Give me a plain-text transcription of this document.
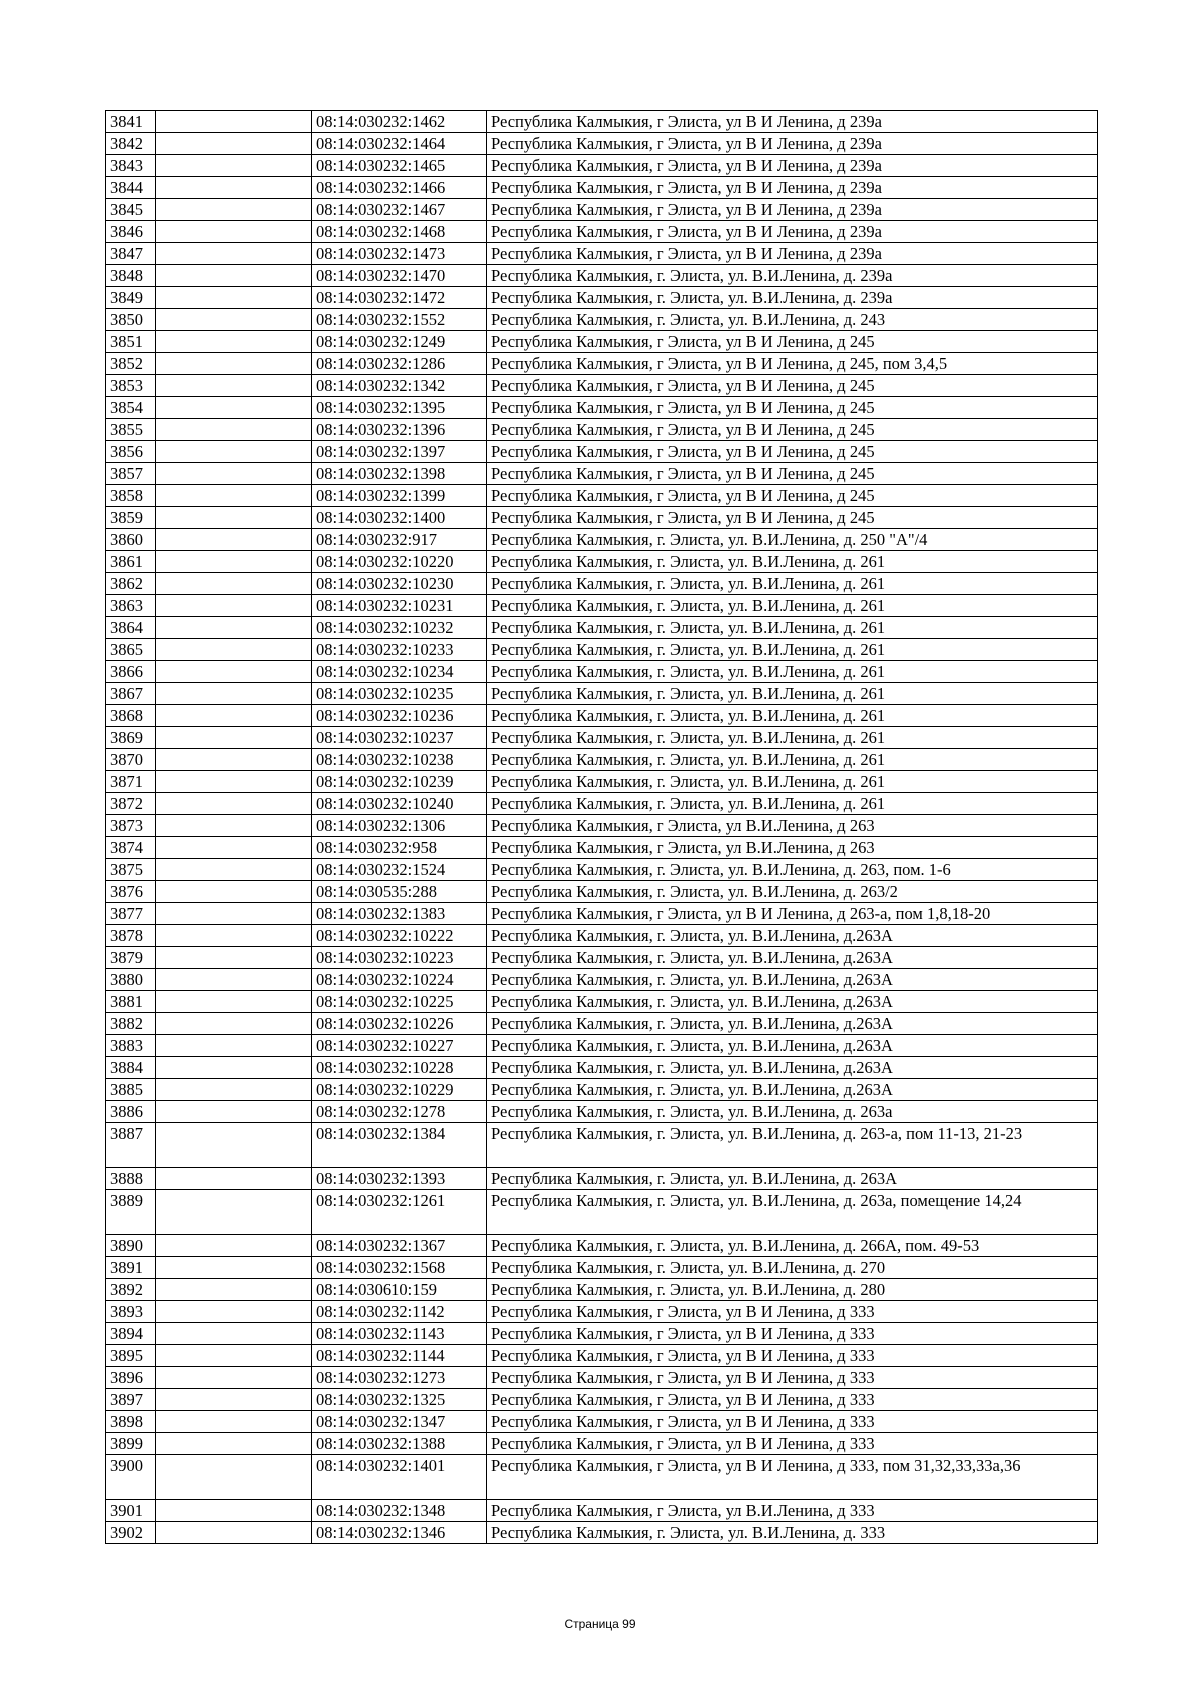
3841		08:14:030232:1462	Республика Калмыкия, г Элиста, ул В И Ленина, д 239а
3842		08:14:030232:1464	Республика Калмыкия, г Элиста, ул В И Ленина, д 239а
3843		08:14:030232:1465	Республика Калмыкия, г Элиста, ул В И Ленина, д 239а
3844		08:14:030232:1466	Республика Калмыкия, г Элиста, ул В И Ленина, д 239а
3845		08:14:030232:1467	Республика Калмыкия, г Элиста, ул В И Ленина, д 239а
3846		08:14:030232:1468	Республика Калмыкия, г Элиста, ул В И Ленина, д 239а
3847		08:14:030232:1473	Республика Калмыкия, г Элиста, ул В И Ленина, д 239а
3848		08:14:030232:1470	Республика Калмыкия, г. Элиста, ул. В.И.Ленина, д. 239а
3849		08:14:030232:1472	Республика Калмыкия, г. Элиста, ул. В.И.Ленина, д. 239а
3850		08:14:030232:1552	Республика Калмыкия, г. Элиста, ул. В.И.Ленина, д. 243
3851		08:14:030232:1249	Республика Калмыкия, г Элиста, ул В И Ленина, д 245
3852		08:14:030232:1286	Республика Калмыкия, г Элиста, ул В И Ленина, д 245, пом 3,4,5
3853		08:14:030232:1342	Республика Калмыкия, г Элиста, ул В И Ленина, д 245
3854		08:14:030232:1395	Республика Калмыкия, г Элиста, ул В И Ленина, д 245
3855		08:14:030232:1396	Республика Калмыкия, г Элиста, ул В И Ленина, д 245
3856		08:14:030232:1397	Республика Калмыкия, г Элиста, ул В И Ленина, д 245
3857		08:14:030232:1398	Республика Калмыкия, г Элиста, ул В И Ленина, д 245
3858		08:14:030232:1399	Республика Калмыкия, г Элиста, ул В И Ленина, д 245
3859		08:14:030232:1400	Республика Калмыкия, г Элиста, ул В И Ленина, д 245
3860		08:14:030232:917	Республика Калмыкия, г. Элиста, ул. В.И.Ленина, д. 250 "А"/4
3861		08:14:030232:10220	Республика Калмыкия, г. Элиста, ул. В.И.Ленина, д. 261
3862		08:14:030232:10230	Республика Калмыкия, г. Элиста, ул. В.И.Ленина, д. 261
3863		08:14:030232:10231	Республика Калмыкия, г. Элиста, ул. В.И.Ленина, д. 261
3864		08:14:030232:10232	Республика Калмыкия, г. Элиста, ул. В.И.Ленина, д. 261
3865		08:14:030232:10233	Республика Калмыкия, г. Элиста, ул. В.И.Ленина, д. 261
3866		08:14:030232:10234	Республика Калмыкия, г. Элиста, ул. В.И.Ленина, д. 261
3867		08:14:030232:10235	Республика Калмыкия, г. Элиста, ул. В.И.Ленина, д. 261
3868		08:14:030232:10236	Республика Калмыкия, г. Элиста, ул. В.И.Ленина, д. 261
3869		08:14:030232:10237	Республика Калмыкия, г. Элиста, ул. В.И.Ленина, д. 261
3870		08:14:030232:10238	Республика Калмыкия, г. Элиста, ул. В.И.Ленина, д. 261
3871		08:14:030232:10239	Республика Калмыкия, г. Элиста, ул. В.И.Ленина, д. 261
3872		08:14:030232:10240	Республика Калмыкия, г. Элиста, ул. В.И.Ленина, д. 261
3873		08:14:030232:1306	Республика Калмыкия, г Элиста, ул В.И.Ленина, д 263
3874		08:14:030232:958	Республика Калмыкия, г Элиста, ул В.И.Ленина, д 263
3875		08:14:030232:1524	Республика Калмыкия, г. Элиста, ул. В.И.Ленина, д. 263, пом. 1-6
3876		08:14:030535:288	Республика Калмыкия, г. Элиста, ул. В.И.Ленина, д. 263/2
3877		08:14:030232:1383	Республика Калмыкия, г Элиста, ул В И Ленина, д 263-а, пом 1,8,18-20
3878		08:14:030232:10222	Республика Калмыкия, г. Элиста, ул. В.И.Ленина, д.263А
3879		08:14:030232:10223	Республика Калмыкия, г. Элиста, ул. В.И.Ленина, д.263А
3880		08:14:030232:10224	Республика Калмыкия, г. Элиста, ул. В.И.Ленина, д.263А
3881		08:14:030232:10225	Республика Калмыкия, г. Элиста, ул. В.И.Ленина, д.263А
3882		08:14:030232:10226	Республика Калмыкия, г. Элиста, ул. В.И.Ленина, д.263А
3883		08:14:030232:10227	Республика Калмыкия, г. Элиста, ул. В.И.Ленина, д.263А
3884		08:14:030232:10228	Республика Калмыкия, г. Элиста, ул. В.И.Ленина, д.263А
3885		08:14:030232:10229	Республика Калмыкия, г. Элиста, ул. В.И.Ленина, д.263А
3886		08:14:030232:1278	Республика Калмыкия, г. Элиста, ул. В.И.Ленина, д. 263а
3887		08:14:030232:1384	Республика Калмыкия, г. Элиста, ул. В.И.Ленина, д. 263-а, пом 11-13, 21-23
3888		08:14:030232:1393	Республика Калмыкия, г. Элиста, ул. В.И.Ленина, д. 263А
3889		08:14:030232:1261	Республика Калмыкия, г. Элиста, ул. В.И.Ленина, д. 263а, помещение 14,24
3890		08:14:030232:1367	Республика Калмыкия, г. Элиста, ул. В.И.Ленина, д. 266А, пом. 49-53
3891		08:14:030232:1568	Республика Калмыкия, г. Элиста, ул. В.И.Ленина, д. 270
3892		08:14:030610:159	Республика Калмыкия, г. Элиста, ул. В.И.Ленина, д. 280
3893		08:14:030232:1142	Республика Калмыкия, г Элиста, ул В И Ленина, д 333
3894		08:14:030232:1143	Республика Калмыкия, г Элиста, ул В И Ленина, д 333
3895		08:14:030232:1144	Республика Калмыкия, г Элиста, ул В И Ленина, д 333
3896		08:14:030232:1273	Республика Калмыкия, г Элиста, ул В И Ленина, д 333
3897		08:14:030232:1325	Республика Калмыкия, г Элиста, ул В И Ленина, д 333
3898		08:14:030232:1347	Республика Калмыкия, г Элиста, ул В И Ленина, д 333
3899		08:14:030232:1388	Республика Калмыкия, г Элиста, ул В И Ленина, д 333
3900		08:14:030232:1401	Республика Калмыкия, г Элиста, ул В И Ленина, д 333, пом 31,32,33,33а,36
3901		08:14:030232:1348	Республика Калмыкия, г Элиста, ул В.И.Ленина, д 333
3902		08:14:030232:1346	Республика Калмыкия, г. Элиста, ул. В.И.Ленина, д. 333
Страница 99
